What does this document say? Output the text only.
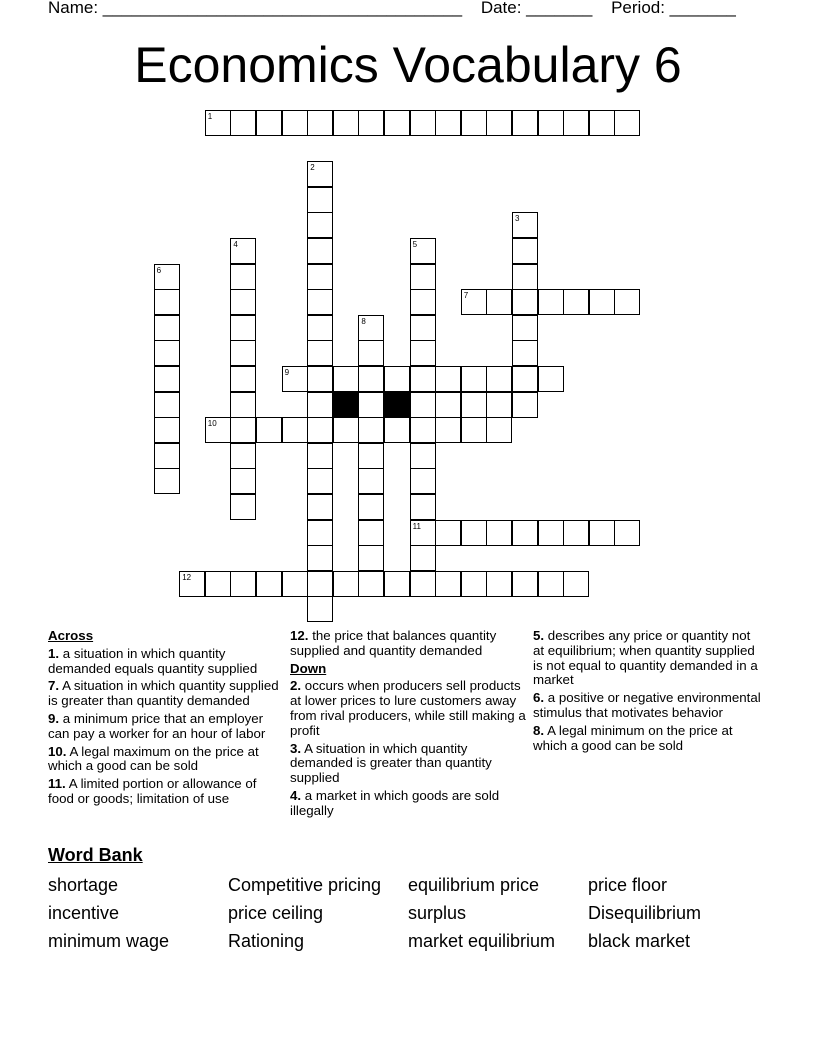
Name: ______________________________________ Date: _______ Period: _______
Economics Vocabulary 6
1
7
9
10
11
12
2
3
4	5
6
8
Across
1. a situation in which quantity demanded equals quantity supplied
7. A situation in which quantity supplied is greater than quantity demanded
9. a minimum price that an employer can pay a worker for an hour of labor
10. A legal maximum on the price at which a good can be sold
11. A limited portion or allowance of food or goods; limitation of use
12. the price that balances quantity supplied and quantity demanded
Down
2. occurs when producers sell products at lower prices to lure customers away from rival producers, while still making a profit
3. A situation in which quantity demanded is greater than quantity supplied
4. a market in which goods are sold illegally
5. describes any price or quantity not at equilibrium; when quantity supplied is not equal to quantity demanded in a market
6. a positive or negative environmental stimulus that motivates behavior
8. A legal minimum on the price at which a good can be sold
Word Bank
shortage	Competitive pricing	equilibrium price	price floor
incentive	price ceiling	surplus	Disequilibrium
minimum wage	Rationing	market equilibrium	black market
